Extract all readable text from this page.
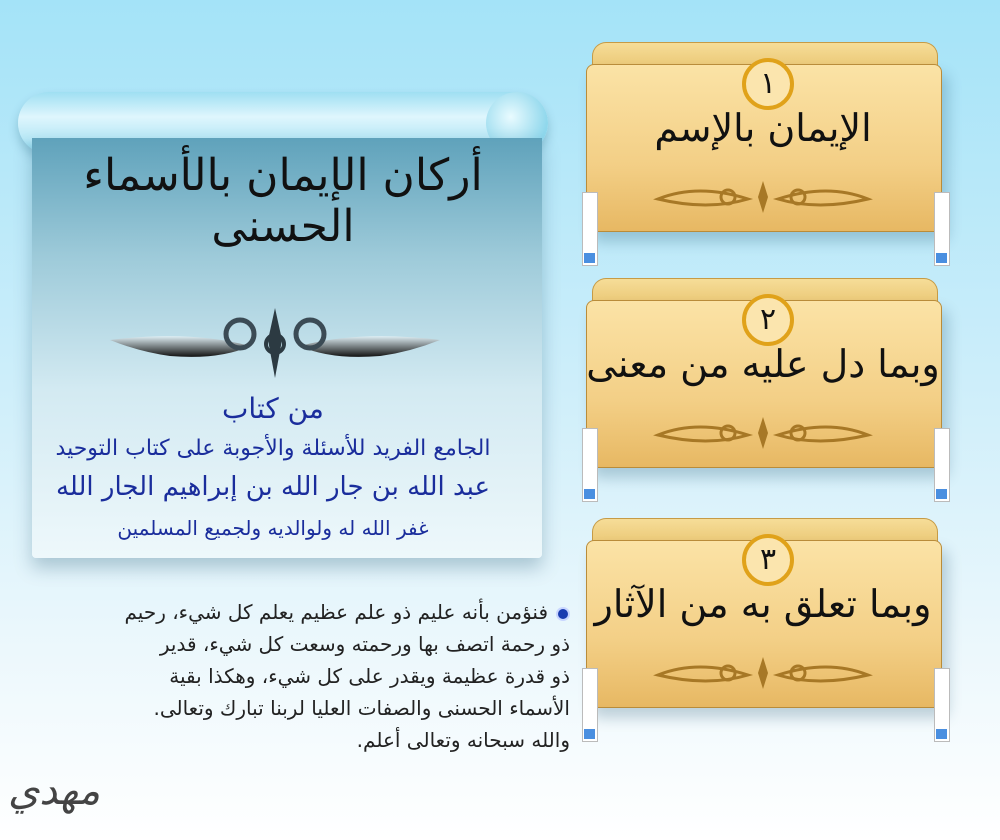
أركان الإيمان بالأسماء الحسنى
من كتاب
الجامع الفريد للأسئلة والأجوبة على كتاب التوحيد
عبد الله بن جار الله بن إبراهيم الجار الله
غفر الله له ولوالديه ولجميع المسلمين
١
الإيمان بالإسم
٢
وبما دل عليه من معنى
٣
وبما تعلق به من الآثار
فنؤمن بأنه عليم ذو علم عظيم يعلم كل شيء، رحيم
ذو رحمة اتصف بها ورحمته وسعت كل شيء، قدير
ذو قدرة عظيمة ويقدر على كل شيء، وهكذا بقية
الأسماء الحسنى والصفات العليا لربنا تبارك وتعالى.
والله سبحانه وتعالى أعلم.
مهدي
